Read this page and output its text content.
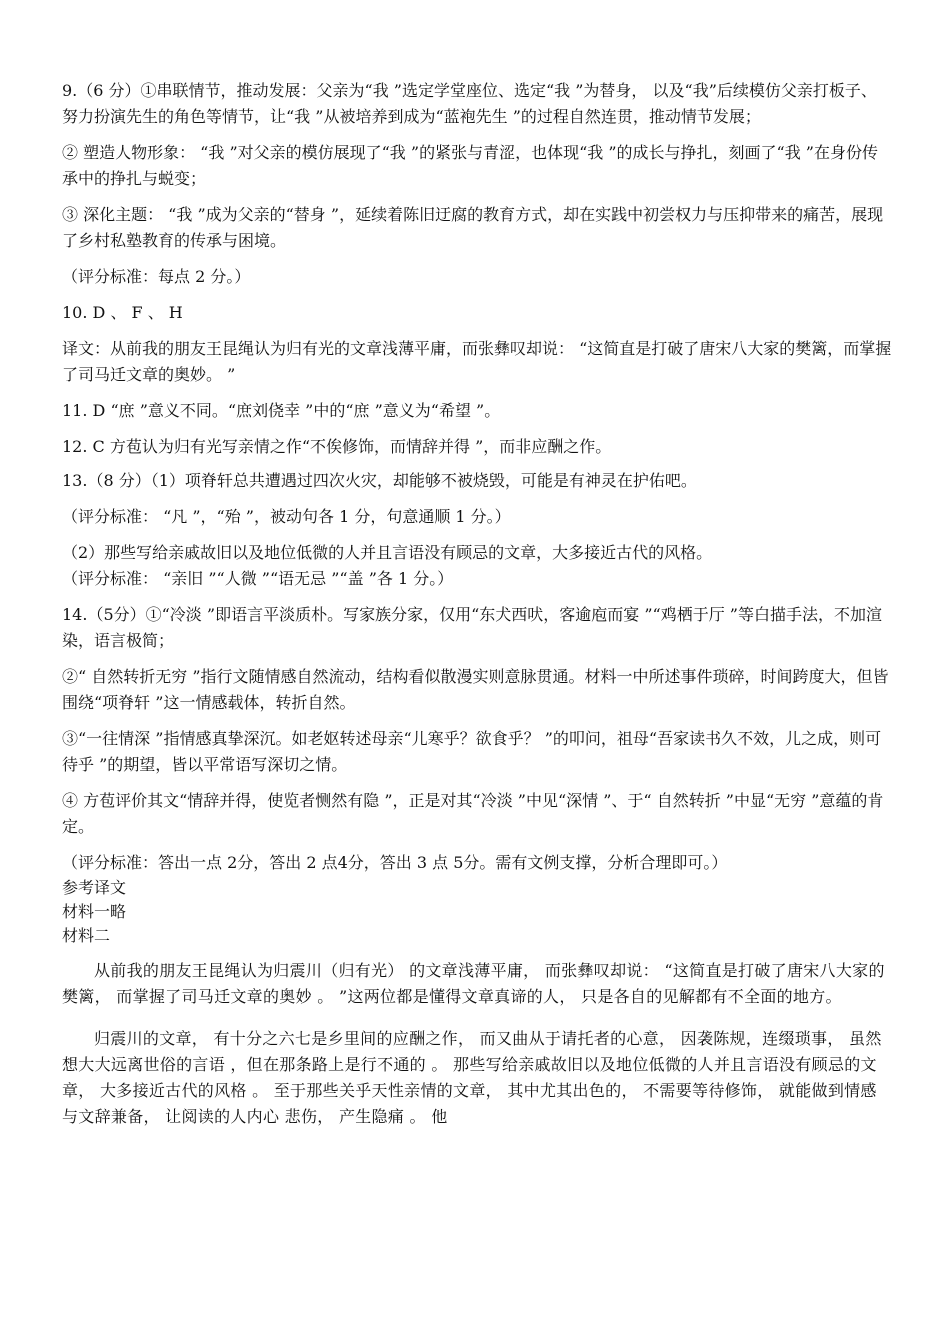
9.（6 分）①串联情节，推动发展：父亲为“我 ”选定学堂座位、选定“我 ”为替身， 以及“我”后续模仿父亲打板子、努力扮演先生的角色等情节，让“我 ”从被培养到成为“蓝袍先生 ”的过程自然连贯，推动情节发展；

② 塑造人物形象： “我 ”对父亲的模仿展现了“我 ”的紧张与青涩，也体现“我 ”的成长与挣扎，刻画了“我 ”在身份传承中的挣扎与蜕变；

③ 深化主题： “我 ”成为父亲的“替身 ”，延续着陈旧迂腐的教育方式，却在实践中初尝权力与压抑带来的痛苦，展现了乡村私塾教育的传承与困境。

（评分标准：每点 2 分。）

10. D 、 F 、 H

译文：从前我的朋友王昆绳认为归有光的文章浅薄平庸，而张彝叹却说： “这简直是打破了唐宋八大家的樊篱，而掌握了司马迁文章的奥妙。 ”

11. D “庶 ”意义不同。“庶刘侥幸 ”中的“庶 ”意义为“希望 ”。

12. C 方苞认为归有光写亲情之作“不俟修饰，而情辞并得 ”，而非应酬之作。

13.（8 分）（1）项脊轩总共遭遇过四次火灾，却能够不被烧毁，可能是有神灵在护佑吧。

（评分标准： “凡 ”，“殆 ”，被动句各 1 分，句意通顺 1 分。）

（2）那些写给亲戚故旧以及地位低微的人并且言语没有顾忌的文章，大多接近古代的风格。

（评分标准： “亲旧 ”“人微 ”“语无忌 ”“盖 ”各 1 分。）

14.（5分）①“冷淡 ”即语言平淡质朴。写家族分家，仅用“东犬西吠，客逾庖而宴 ”“鸡栖于厅 ”等白描手法，不加渲染，语言极简；

②“ 自然转折无穷 ”指行文随情感自然流动，结构看似散漫实则意脉贯通。材料一中所述事件琐碎，时间跨度大，但皆围绕“项脊轩 ”这一情感载体，转折自然。

③“一往情深 ”指情感真挚深沉。如老妪转述母亲“儿寒乎？欲食乎？ ”的叩问，祖母“吾家读书久不效，儿之成，则可待乎 ”的期望，皆以平常语写深切之情。

④ 方苞评价其文“情辞并得，使览者恻然有隐 ”，正是对其“冷淡 ”中见“深情 ”、于“ 自然转折 ”中显“无穷 ”意蕴的肯定。

（评分标准：答出一点 2分，答出 2 点4分，答出 3 点 5分。需有文例支撑，分析合理即可。）

参考译文

材料一略

材料二

从前我的朋友王昆绳认为归震川（归有光） 的文章浅薄平庸， 而张彝叹却说： “这简直是打破了唐宋八大家的樊篱， 而掌握了司马迁文章的奥妙 。 ”这两位都是懂得文章真谛的人， 只是各自的见解都有不全面的地方。

归震川的文章， 有十分之六七是乡里间的应酬之作， 而又曲从于请托者的心意， 因袭陈规，连缀琐事， 虽然想大大远离世俗的言语 ，但在那条路上是行不通的 。 那些写给亲戚故旧以及地位低微的人并且言语没有顾忌的文章， 大多接近古代的风格 。 至于那些关乎天性亲情的文章， 其中尤其出色的， 不需要等待修饰， 就能做到情感与文辞兼备， 让阅读的人内心 悲伤， 产生隐痛 。 他
